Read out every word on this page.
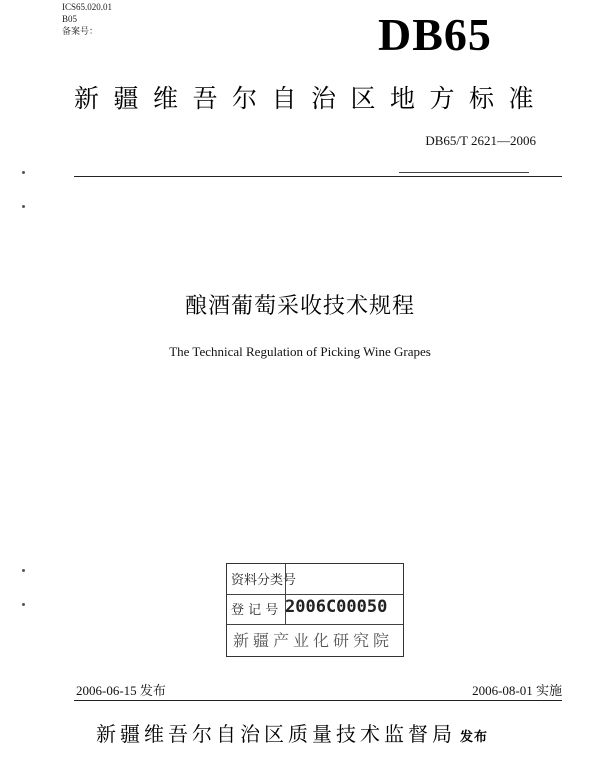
ICS65.020.01
B05
备案号：	DB65
新疆维吾尔自治区地方标准
DB65/T 2621—2006
酿酒葡萄采收技术规程
The Technical Regulation of Picking Wine Grapes
资料分类号
登 记 号 2006C00050
新疆产业化研究院
2006-06-15 发布	2006-08-01 实施
新疆维吾尔自治区质量技术监督局 发布
